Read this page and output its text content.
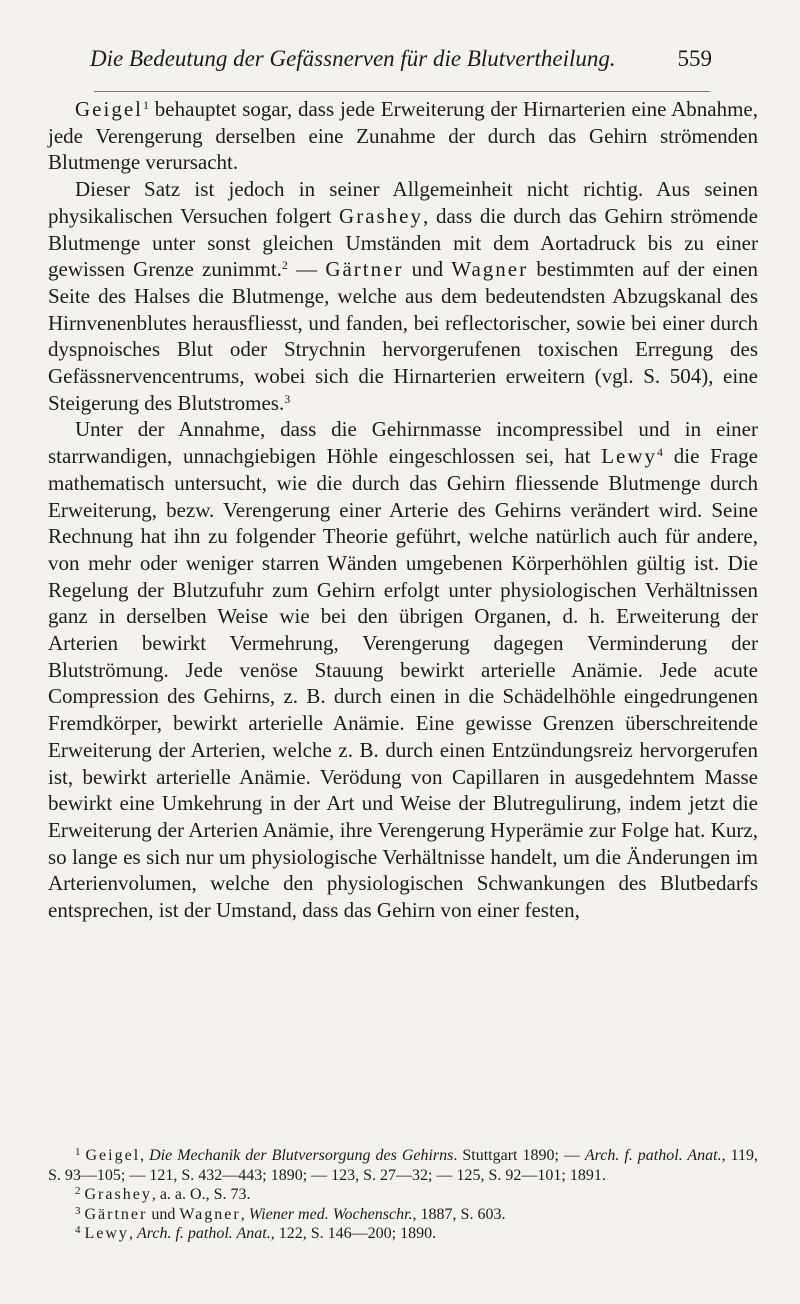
Die Bedeutung der Gefässnerven für die Blutvertheilung.	559

Geigel$^1$ behauptet sogar, dass jede Erweiterung der Hirnarterien eine Abnahme, jede Verengerung derselben eine Zunahme der durch das Gehirn strömenden Blutmenge verursacht.

Dieser Satz ist jedoch in seiner Allgemeinheit nicht richtig. Aus seinen physikalischen Versuchen folgert Grashey, dass die durch das Gehirn strömende Blutmenge unter sonst gleichen Umständen mit dem Aortadruck bis zu einer gewissen Grenze zunimmt.$^2$ — Gärtner und Wagner bestimmten auf der einen Seite des Halses die Blutmenge, welche aus dem bedeutendsten Abzugskanal des Hirnvenenblutes herausfliesst, und fanden, bei reflectorischer, sowie bei einer durch dyspnoisches Blut oder Strychnin hervorgerufenen toxischen Erregung des Gefässnervencentrums, wobei sich die Hirnarterien erweitern (vgl. S. 504), eine Steigerung des Blutstromes.$^3$

Unter der Annahme, dass die Gehirnmasse incompressibel und in einer starrwandigen, unnachgiebigen Höhle eingeschlossen sei, hat Lewy$^4$ die Frage mathematisch untersucht, wie die durch das Gehirn fliessende Blutmenge durch Erweiterung, bezw. Verengerung einer Arterie des Gehirns verändert wird. Seine Rechnung hat ihn zu folgender Theorie geführt, welche natürlich auch für andere, von mehr oder weniger starren Wänden umgebenen Körperhöhlen gültig ist. Die Regelung der Blutzufuhr zum Gehirn erfolgt unter physiologischen Verhältnissen ganz in derselben Weise wie bei den übrigen Organen, d. h. Erweiterung der Arterien bewirkt Vermehrung, Verengerung dagegen Verminderung der Blutströmung. Jede venöse Stauung bewirkt arterielle Anämie. Jede acute Compression des Gehirns, z. B. durch einen in die Schädelhöhle eingedrungenen Fremdkörper, bewirkt arterielle Anämie. Eine gewisse Grenzen überschreitende Erweiterung der Arterien, welche z. B. durch einen Entzündungsreiz hervorgerufen ist, bewirkt arterielle Anämie. Verödung von Capillaren in ausgedehntem Masse bewirkt eine Umkehrung in der Art und Weise der Blutregulirung, indem jetzt die Erweiterung der Arterien Anämie, ihre Verengerung Hyperämie zur Folge hat. Kurz, so lange es sich nur um physiologische Verhältnisse handelt, um die Änderungen im Arterienvolumen, welche den physiologischen Schwankungen des Blutbedarfs entsprechen, ist der Umstand, dass das Gehirn von einer festen,

$^1$ Geigel, Die Mechanik der Blutversorgung des Gehirns. Stuttgart 1890; — Arch. f. pathol. Anat., 119, S. 93—105; — 121, S. 432—443; 1890; — 123, S. 27—32; — 125, S. 92—101; 1891.

$^2$ Grashey, a. a. O., S. 73.

$^3$ Gärtner und Wagner, Wiener med. Wochenschr., 1887, S. 603.

$^4$ Lewy, Arch. f. pathol. Anat., 122, S. 146—200; 1890.
